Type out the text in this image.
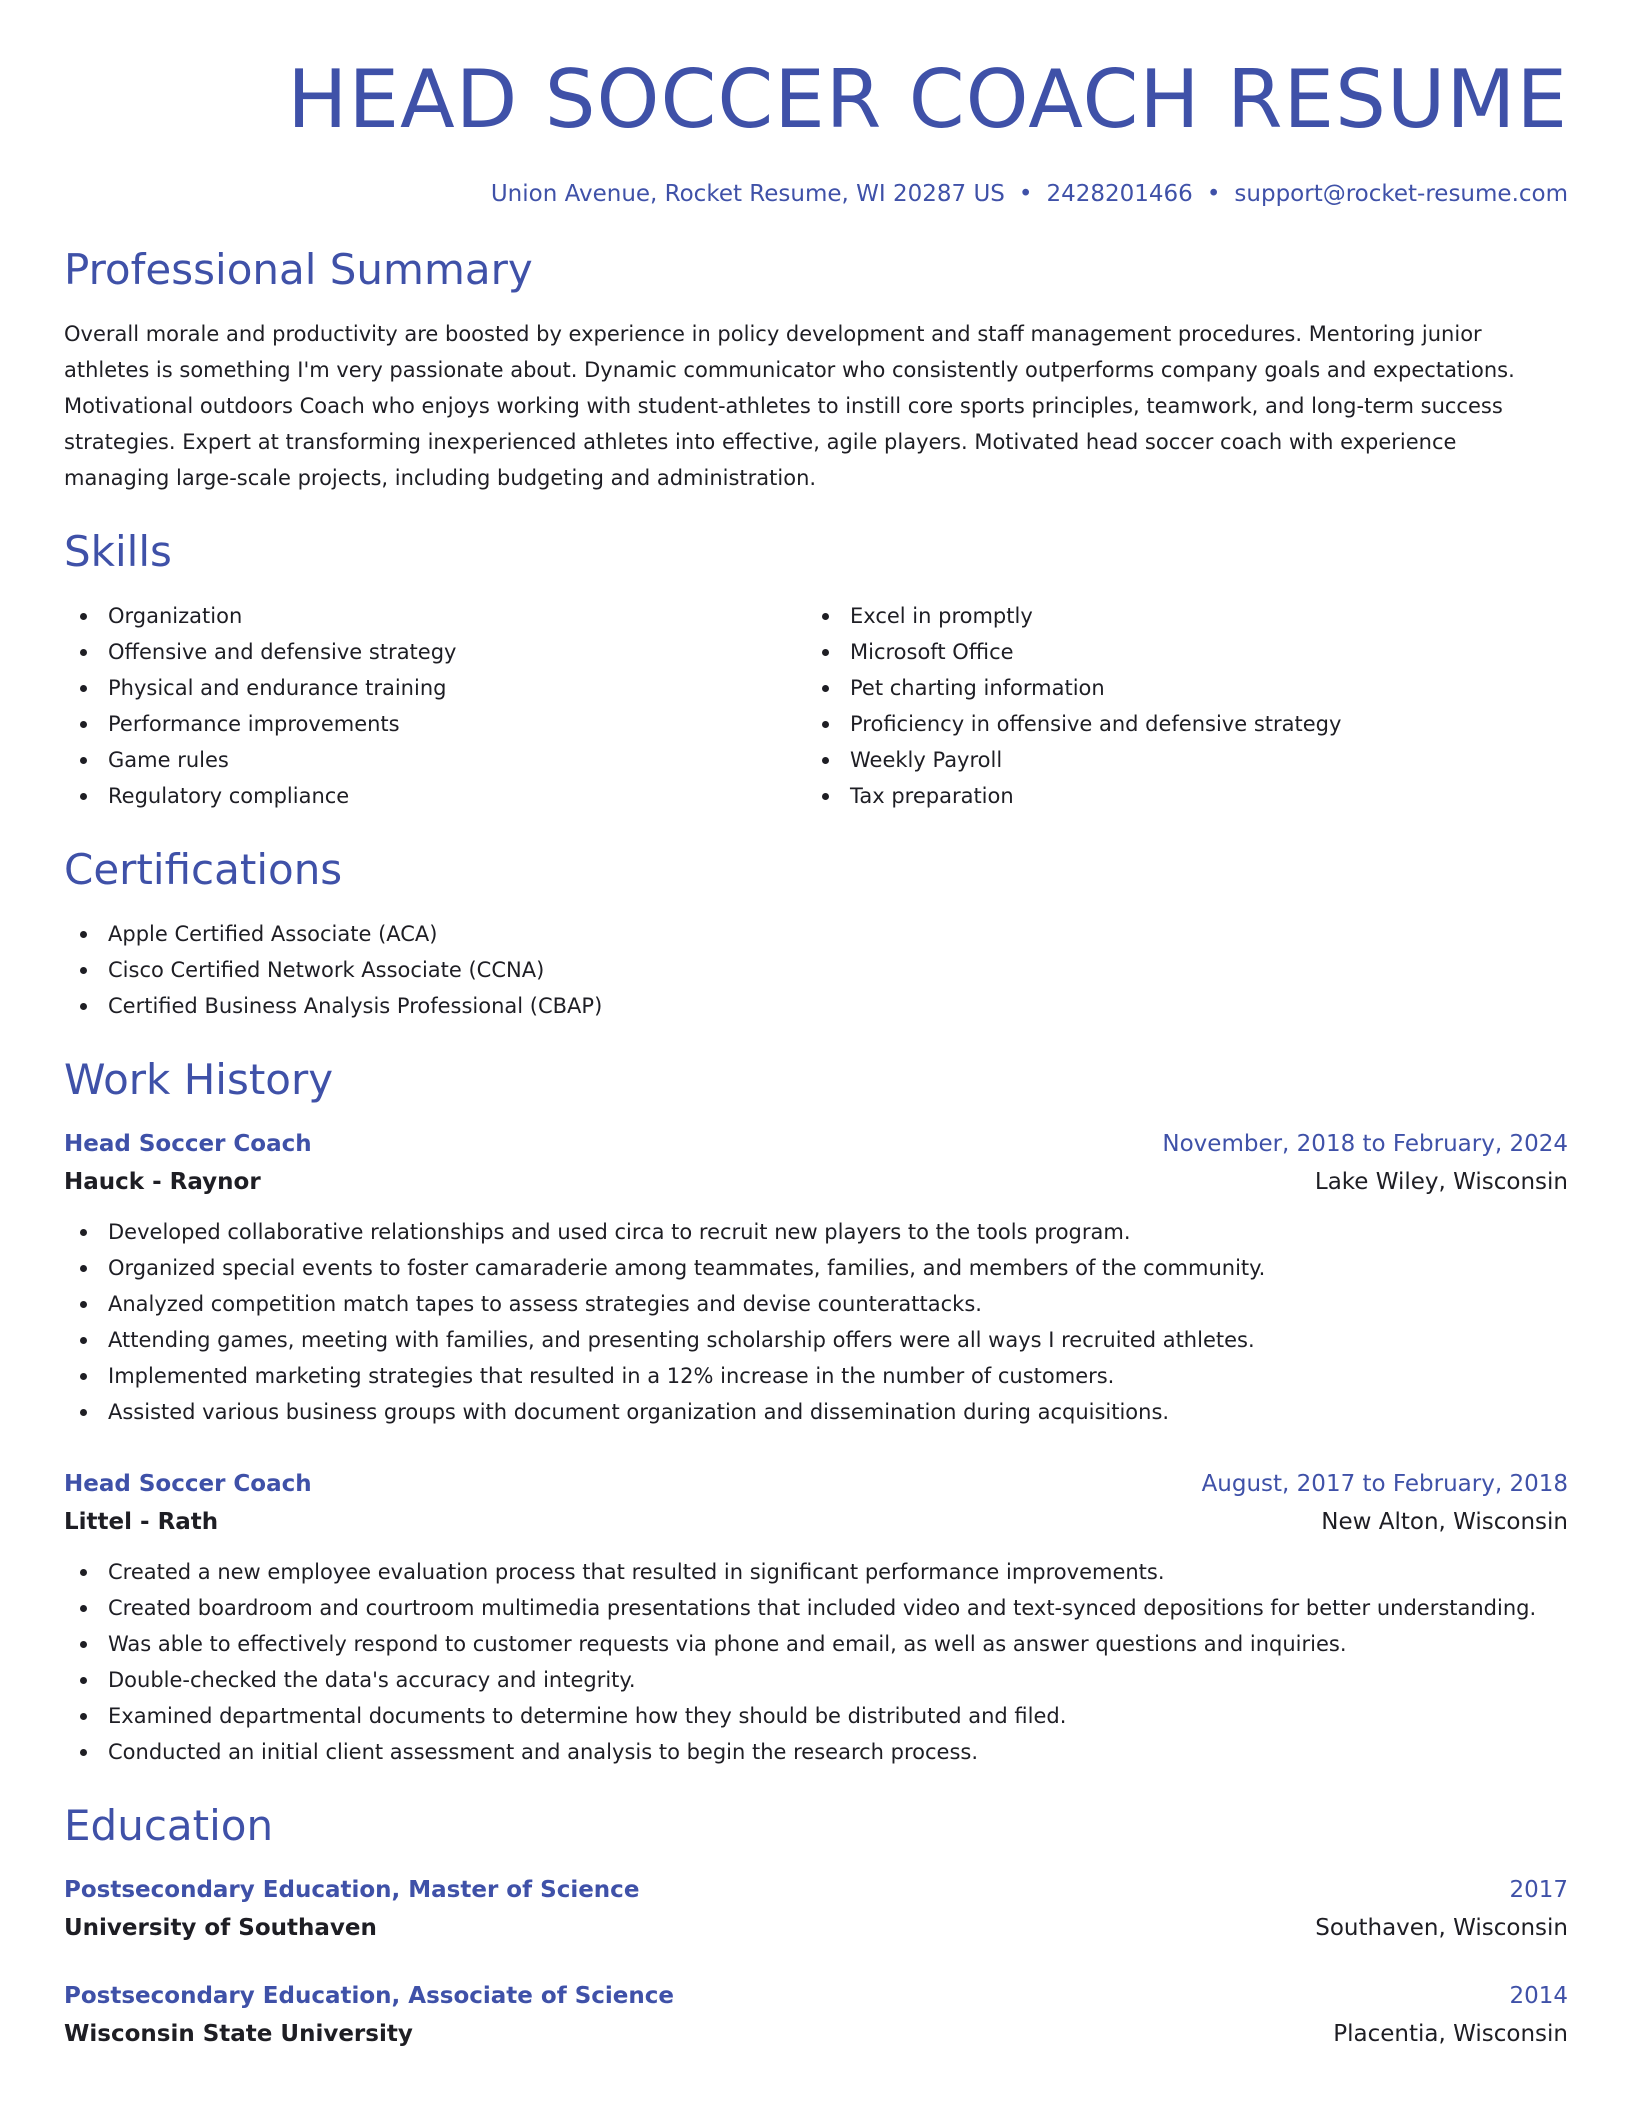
HEAD SOCCER COACH RESUME
Union Avenue, Rocket Resume, WI 20287 US • 2428201466 • support@rocket-resume.com
Professional Summary

Overall morale and productivity are boosted by experience in policy development and staff management procedures. Mentoring junior athletes is something I'm very passionate about. Dynamic communicator who consistently outperforms company goals and expectations. Motivational outdoors Coach who enjoys working with student-athletes to instill core sports principles, teamwork, and long-term success strategies. Expert at transforming inexperienced athletes into effective, agile players. Motivated head soccer coach with experience managing large-scale projects, including budgeting and administration.

Skills
Organization
Offensive and defensive strategy
Physical and endurance training
Performance improvements
Game rules
Regulatory compliance
Excel in promptly
Microsoft Office
Pet charting information
Proficiency in offensive and defensive strategy
Weekly Payroll
Tax preparation
Certifications
Apple Certified Associate (ACA)
Cisco Certified Network Associate (CCNA)
Certified Business Analysis Professional (CBAP)
Work History
Head Soccer Coach	November, 2018 to February, 2024
Hauck - Raynor	Lake Wiley, Wisconsin
Developed collaborative relationships and used circa to recruit new players to the tools program.
Organized special events to foster camaraderie among teammates, families, and members of the community.
Analyzed competition match tapes to assess strategies and devise counterattacks.
Attending games, meeting with families, and presenting scholarship offers were all ways I recruited athletes.
Implemented marketing strategies that resulted in a 12% increase in the number of customers.
Assisted various business groups with document organization and dissemination during acquisitions.
Head Soccer Coach	August, 2017 to February, 2018
Littel - Rath	New Alton, Wisconsin
Created a new employee evaluation process that resulted in significant performance improvements.
Created boardroom and courtroom multimedia presentations that included video and text-synced depositions for better understanding.
Was able to effectively respond to customer requests via phone and email, as well as answer questions and inquiries.
Double-checked the data's accuracy and integrity.
Examined departmental documents to determine how they should be distributed and filed.
Conducted an initial client assessment and analysis to begin the research process.
Education
Postsecondary Education, Master of Science	2017
University of Southaven	Southaven, Wisconsin
Postsecondary Education, Associate of Science	2014
Wisconsin State University	Placentia, Wisconsin
